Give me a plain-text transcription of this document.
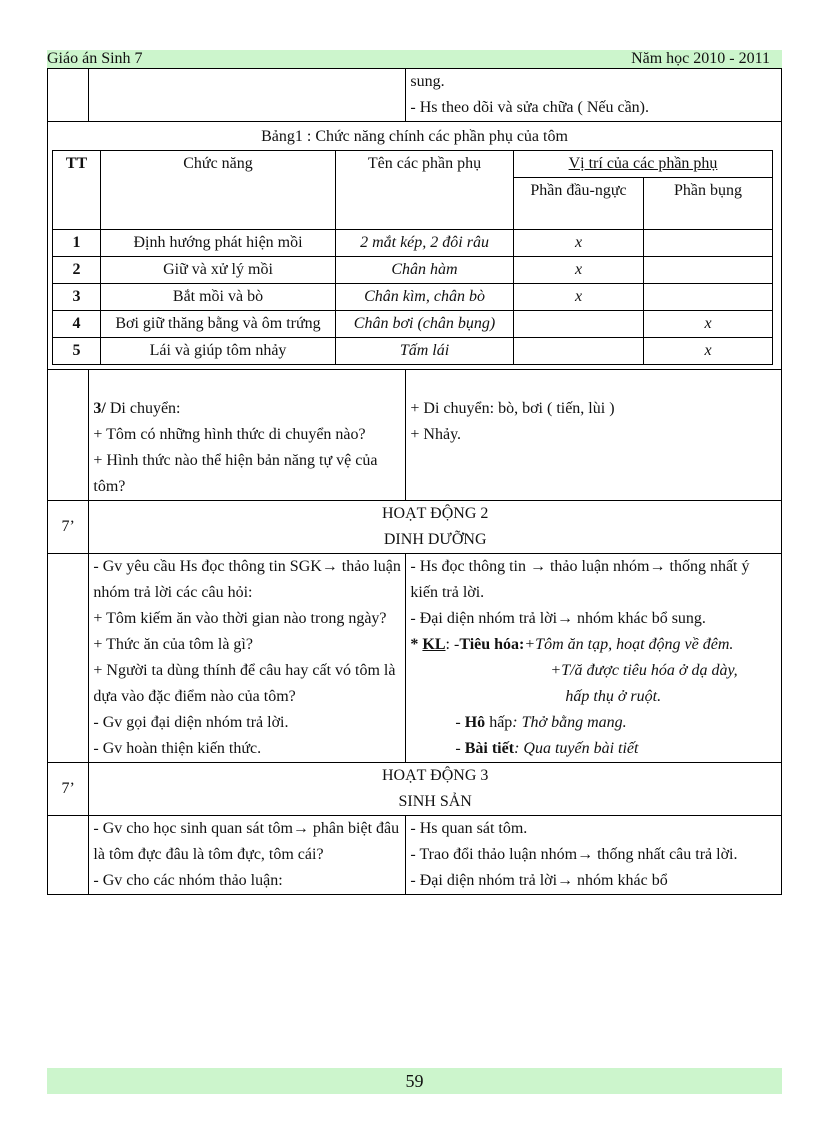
Giáo án Sinh 7	Năm học 2010 - 2011

sung.
- Hs theo dõi và sửa chữa ( Nếu cần).

Bảng1 : Chức năng chính các phần phụ của tôm
TT	Chức năng	Tên các phần phụ	Vị trí của các phần phụ
Phần đầu-ngực	Phần bụng
1	Định hướng phát hiện mồi	2 mắt kép, 2 đôi râu	x	
2	Giữ và xử lý mồi	Chân hàm	x	
3	Bắt mồi và bò	Chân kìm, chân bò	x	
4	Bơi giữ thăng bằng và ôm trứng	Chân bơi (chân bụng)		x
5	Lái và giúp tôm nhảy	Tấm lái		x

3/ Di chuyển:
+ Tôm có những hình thức di chuyển nào?
+ Hình thức nào thể hiện bản năng tự vệ của tôm?

+ Di chuyển: bò, bơi ( tiến, lùi )
+ Nhảy.

7’	
HOẠT ĐỘNG 2
DINH DƯỠNG

- Gv yêu cầu Hs đọc thông tin SGK→ thảo luận nhóm trả lời các câu hỏi:
+ Tôm kiếm ăn vào thời gian nào trong ngày?
+ Thức ăn của tôm là gì?
+ Người ta dùng thính để câu hay cất vó tôm là dựa vào đặc điểm nào của tôm?
- Gv gọi đại diện nhóm trả lời.
- Gv hoàn thiện kiến thức.

- Hs đọc thông tin → thảo luận nhóm→ thống nhất ý kiến trả lời.
- Đại diện nhóm trả lời→ nhóm khác bổ sung.
* KL: -Tiêu hóa:+Tôm ăn tạp, hoạt động về đêm.
+T/ă được tiêu hóa ở dạ dày,
hấp thụ ở ruột.
- Hô hấp: Thở bằng mang.
- Bài tiết: Qua tuyến bài tiết

7’	
HOẠT ĐỘNG 3
SINH SẢN

- Gv cho học sinh quan sát tôm→ phân biệt đâu là tôm đực đâu là tôm đực, tôm cái?
- Gv cho các nhóm thảo luận:

- Hs quan sát tôm.
- Trao đổi thảo luận nhóm→ thống nhất câu trả lời.
- Đại diện nhóm trả lời→ nhóm khác bổ
59
